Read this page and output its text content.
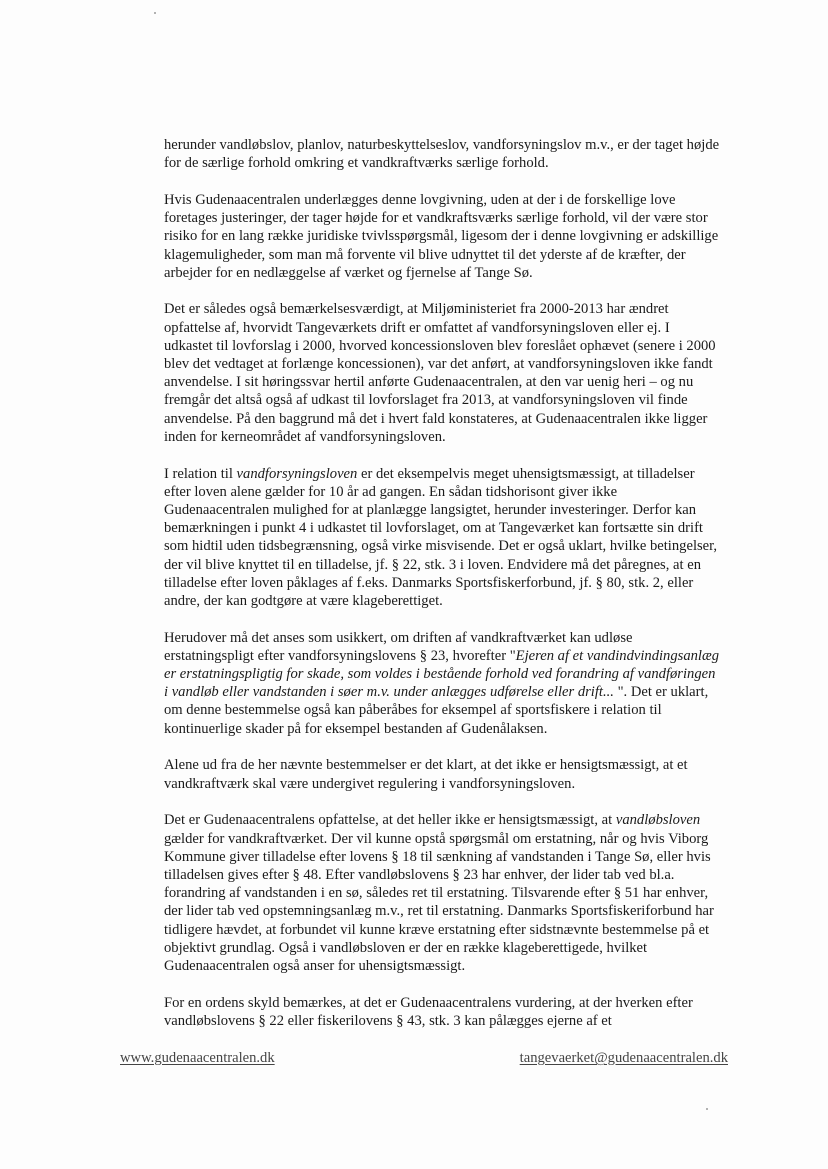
herunder vandløbslov, planlov, naturbeskyttelseslov, vandforsyningslov m.v., er der taget højde for de særlige forhold omkring et vandkraftværks særlige forhold.

Hvis Gudenaacentralen underlægges denne lovgivning, uden at der i de forskellige love foretages justeringer, der tager højde for et vandkraftsværks særlige forhold, vil der være stor risiko for en lang række juridiske tvivlsspørgsmål, ligesom der i denne lovgivning er adskillige klagemuligheder, som man må forvente vil blive udnyttet til det yderste af de kræfter, der arbejder for en nedlæggelse af værket og fjernelse af Tange Sø.

Det er således også bemærkelsesværdigt, at Miljøministeriet fra 2000-2013 har ændret opfattelse af, hvorvidt Tangeværkets drift er omfattet af vandforsyningsloven eller ej. I udkastet til lovforslag i 2000, hvorved koncessionsloven blev foreslået ophævet (senere i 2000 blev det vedtaget at forlænge koncessionen), var det anført, at vandforsyningsloven ikke fandt anvendelse. I sit høringssvar hertil anførte Gudenaacentralen, at den var uenig heri – og nu fremgår det altså også af udkast til lovforslaget fra 2013, at vandforsyningsloven vil finde anvendelse. På den baggrund må det i hvert fald konstateres, at Gudenaacentralen ikke ligger inden for kerneområdet af vandforsyningsloven.

I relation til vandforsyningsloven er det eksempelvis meget uhensigtsmæssigt, at tilladelser efter loven alene gælder for 10 år ad gangen. En sådan tidshorisont giver ikke Gudenaacentralen mulighed for at planlægge langsigtet, herunder investeringer. Derfor kan bemærkningen i punkt 4 i udkastet til lovforslaget, om at Tangeværket kan fortsætte sin drift som hidtil uden tidsbegrænsning, også virke misvisende. Det er også uklart, hvilke betingelser, der vil blive knyttet til en tilladelse, jf. § 22, stk. 3 i loven. Endvidere må det påregnes, at en tilladelse efter loven påklages af f.eks. Danmarks Sportsfiskerforbund, jf. § 80, stk. 2, eller andre, der kan godtgøre at være klageberettiget.

Herudover må det anses som usikkert, om driften af vandkraftværket kan udløse erstatningspligt efter vandforsyningslovens § 23, hvorefter "Ejeren af et vandindvindingsanlæg er erstatningspligtig for skade, som voldes i bestående forhold ved forandring af vandføringen i vandløb eller vandstanden i søer m.v. under anlægges udførelse eller drift... ". Det er uklart, om denne bestemmelse også kan påberåbes for eksempel af sportsfiskere i relation til kontinuerlige skader på for eksempel bestanden af Gudenålaksen.

Alene ud fra de her nævnte bestemmelser er det klart, at det ikke er hensigtsmæssigt, at et vandkraftværk skal være undergivet regulering i vandforsyningsloven.

Det er Gudenaacentralens opfattelse, at det heller ikke er hensigtsmæssigt, at vandløbsloven gælder for vandkraftværket. Der vil kunne opstå spørgsmål om erstatning, når og hvis Viborg Kommune giver tilladelse efter lovens § 18 til sænkning af vandstanden i Tange Sø, eller hvis tilladelsen gives efter § 48. Efter vandløbslovens § 23 har enhver, der lider tab ved bl.a. forandring af vandstanden i en sø, således ret til erstatning. Tilsvarende efter § 51 har enhver, der lider tab ved opstemningsanlæg m.v., ret til erstatning. Danmarks Sportsfiskeriforbund har tidligere hævdet, at forbundet vil kunne kræve erstatning efter sidstnævnte bestemmelse på et objektivt grundlag. Også i vandløbsloven er der en række klageberettigede, hvilket Gudenaacentralen også anser for uhensigtsmæssigt.

For en ordens skyld bemærkes, at det er Gudenaacentralens vurdering, at der hverken efter vandløbslovens § 22 eller fiskerilovens § 43, stk. 3 kan pålægges ejerne af et

www.gudenaacentralen.dk	tangevaerket@gudenaacentralen.dk
